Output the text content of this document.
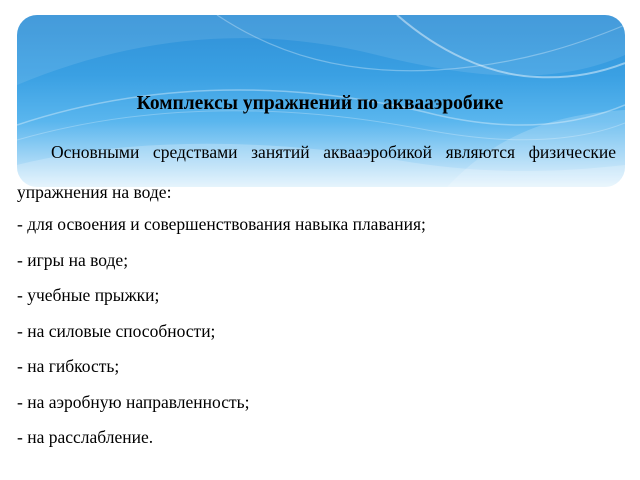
Комплексы упражнений по аквааэробике
Основными средствами занятий аквааэробикой являются физические упражнения на воде:
- для освоения и совершенствования навыка плавания;
- игры на воде;
- учебные прыжки;
- на силовые способности;
- на гибкость;
- на аэробную направленность;
- на расслабление.
